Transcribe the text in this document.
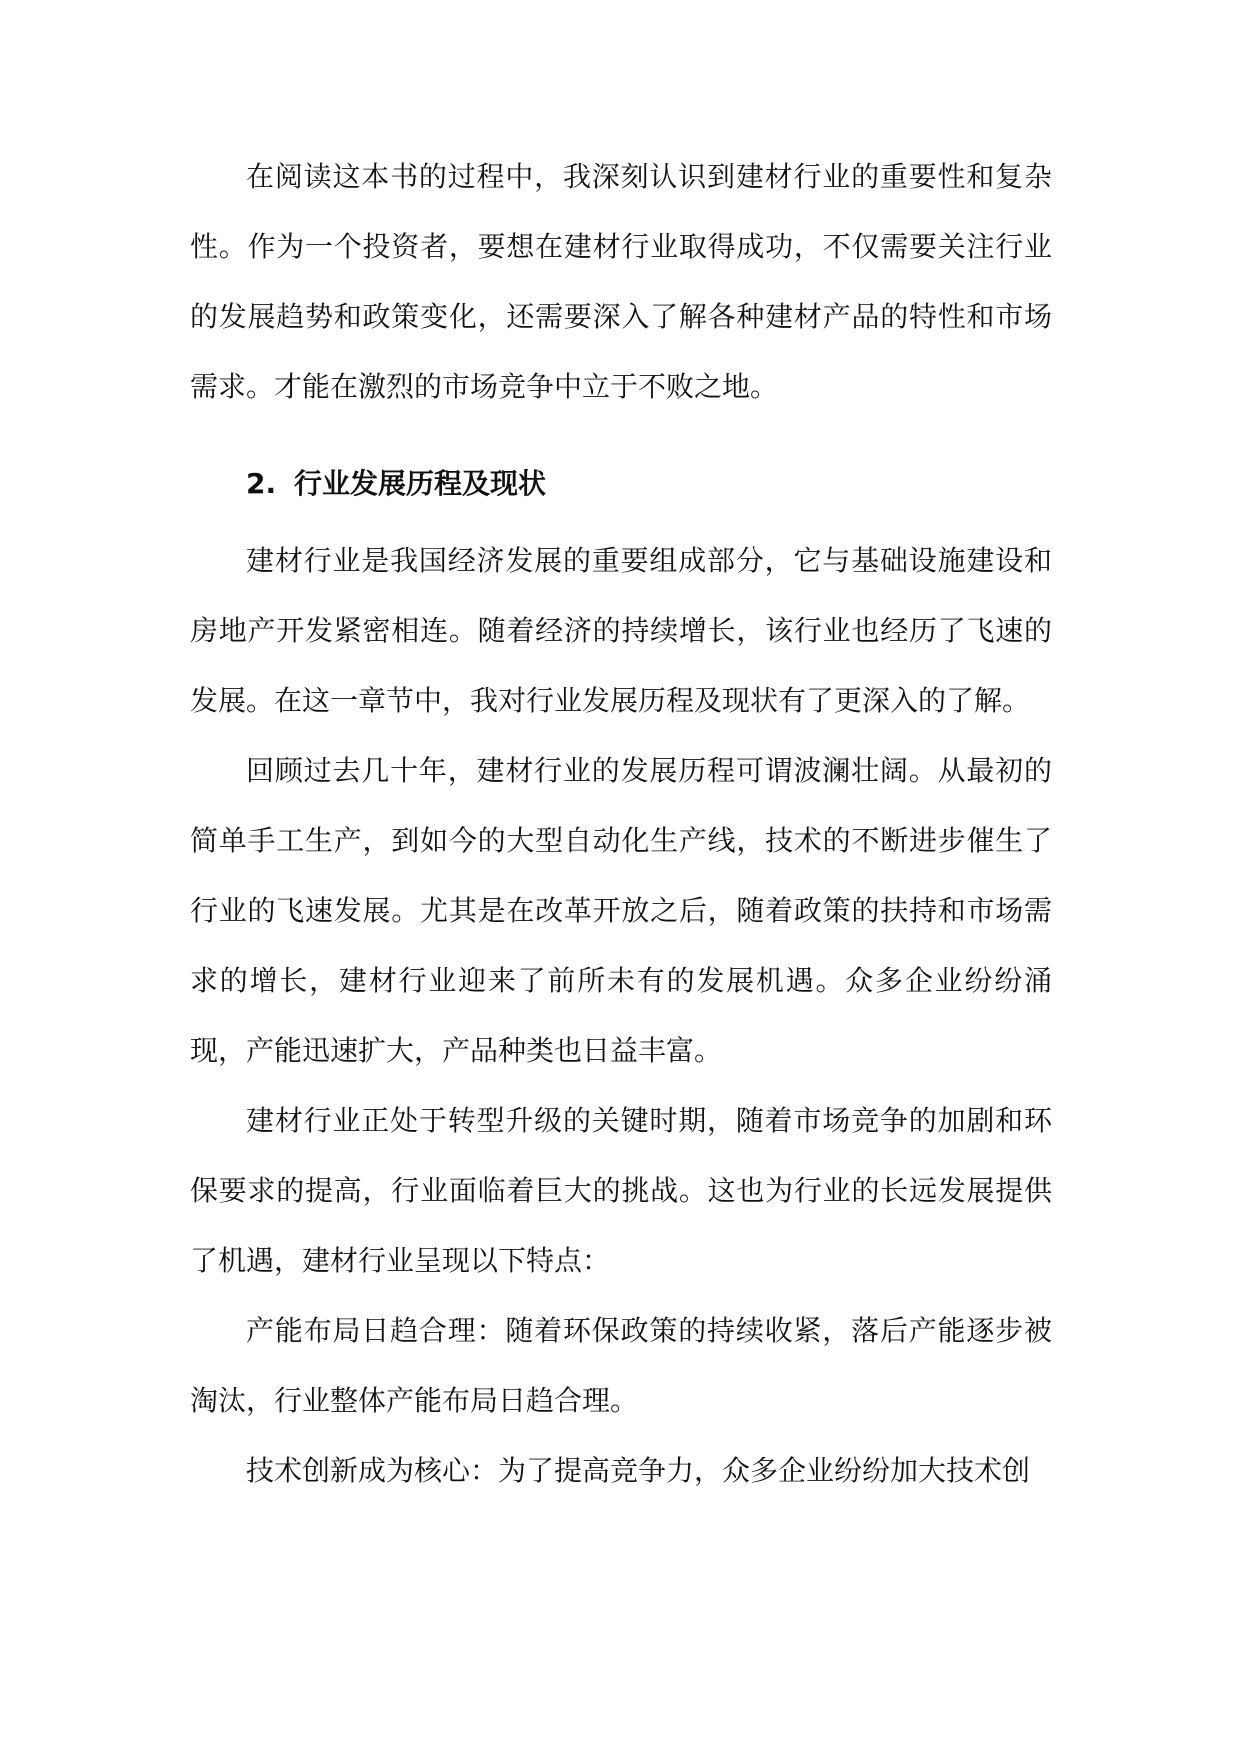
在阅读这本书的过程中，我深刻认识到建材行业的重要性和复杂性。作为一个投资者，要想在建材行业取得成功，不仅需要关注行业的发展趋势和政策变化，还需要深入了解各种建材产品的特性和市场需求。才能在激烈的市场竞争中立于不败之地。

2. 行业发展历程及现状

建材行业是我国经济发展的重要组成部分，它与基础设施建设和房地产开发紧密相连。随着经济的持续增长，该行业也经历了飞速的发展。在这一章节中，我对行业发展历程及现状有了更深入的了解。

回顾过去几十年，建材行业的发展历程可谓波澜壮阔。从最初的简单手工生产，到如今的大型自动化生产线，技术的不断进步催生了行业的飞速发展。尤其是在改革开放之后，随着政策的扶持和市场需求的增长，建材行业迎来了前所未有的发展机遇。众多企业纷纷涌现，产能迅速扩大，产品种类也日益丰富。

建材行业正处于转型升级的关键时期，随着市场竞争的加剧和环保要求的提高，行业面临着巨大的挑战。这也为行业的长远发展提供了机遇，建材行业呈现以下特点：

产能布局日趋合理：随着环保政策的持续收紧，落后产能逐步被淘汰，行业整体产能布局日趋合理。

技术创新成为核心：为了提高竞争力，众多企业纷纷加大技术创
